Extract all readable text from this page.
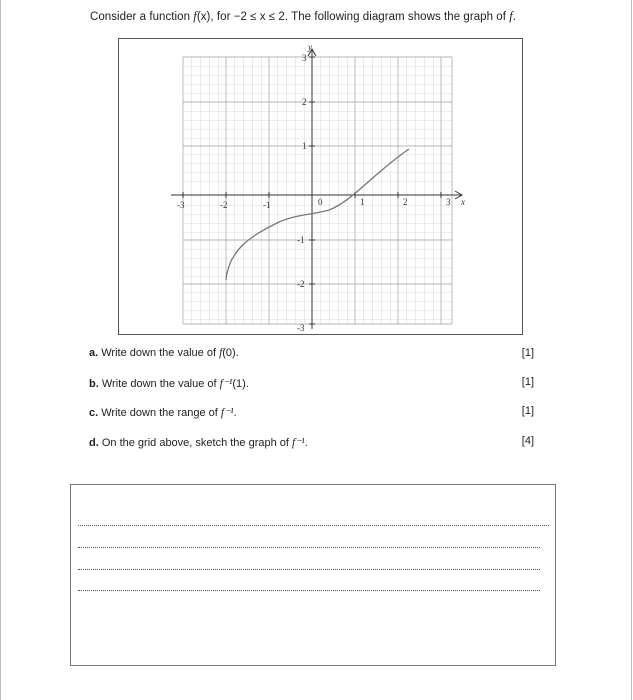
Consider a function f(x), for −2 ≤ x ≤ 2. The following diagram shows the graph of f.
x
y
-3	-2	-1	0	1	2	3
3
2
1
-1
-2
-3
a. Write down the value of f(0).	[1]
b. Write down the value of f⁻¹(1).	[1]
c. Write down the range of f⁻¹.	[1]
d. On the grid above, sketch the graph of f⁻¹.	[4]
